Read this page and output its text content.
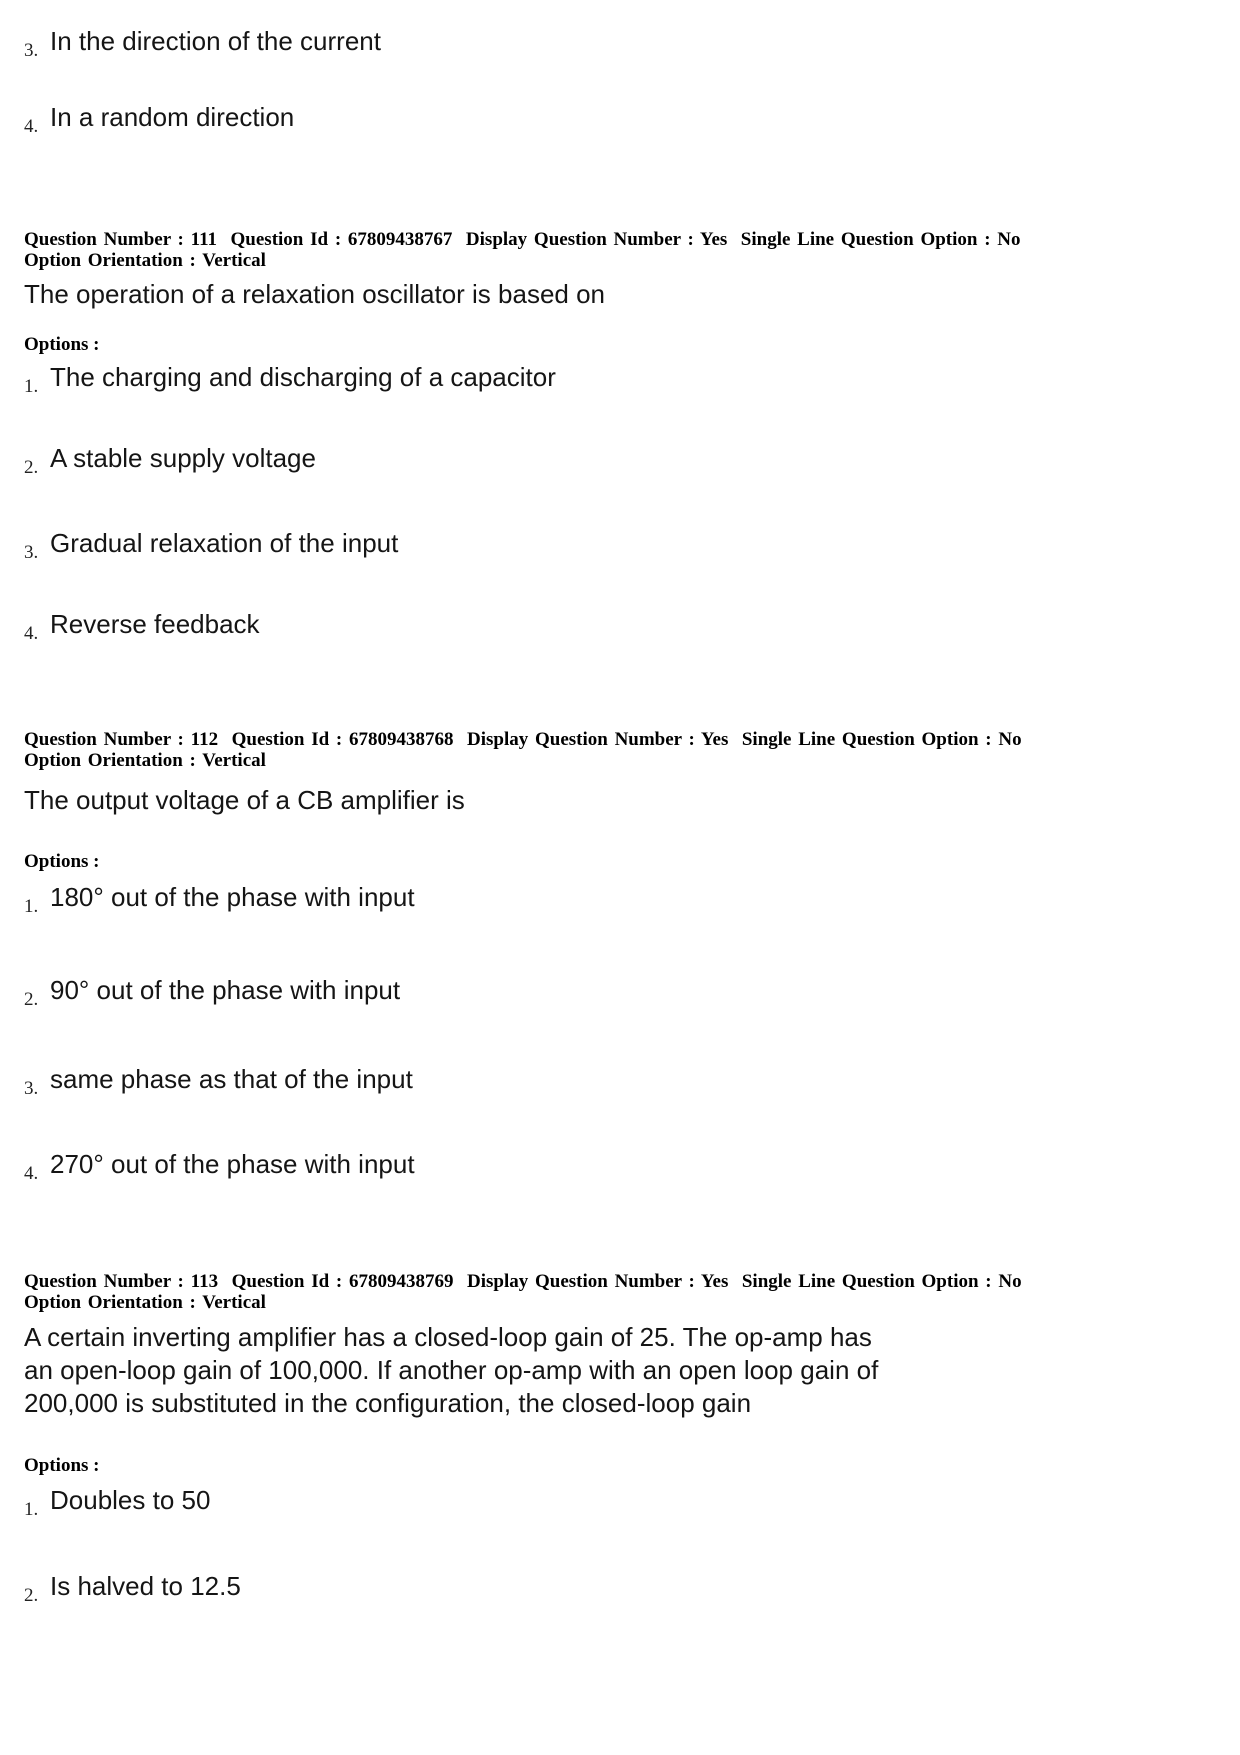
3. In the direction of the current
4. In a random direction

Question Number : 111 Question Id : 67809438767 Display Question Number : Yes Single Line Question Option : No  Option Orientation : Vertical

The operation of a relaxation oscillator is based on

Options :

1. The charging and discharging of a capacitor
2. A stable supply voltage
3. Gradual relaxation of the input
4. Reverse feedback

Question Number : 112 Question Id : 67809438768 Display Question Number : Yes Single Line Question Option : No  Option Orientation : Vertical

The output voltage of a CB amplifier is

Options :

1. 180° out of the phase with input
2. 90° out of the phase with input
3. same phase as that of the input
4. 270° out of the phase with input

Question Number : 113 Question Id : 67809438769 Display Question Number : Yes Single Line Question Option : No  Option Orientation : Vertical

A certain inverting amplifier has a closed-loop gain of 25. The op-amp has

an open-loop gain of 100,000. If another op-amp with an open loop gain of

200,000 is substituted in the configuration, the closed-loop gain

Options :

1. Doubles to 50
2. Is halved to 12.5
